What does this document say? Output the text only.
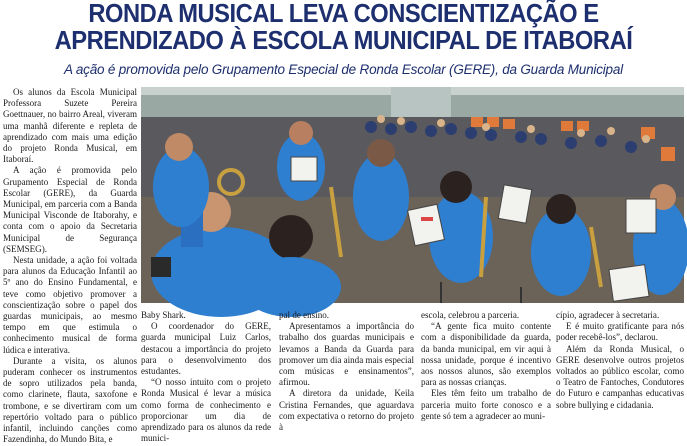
RONDA MUSICAL LEVA CONSCIENTIZAÇÃO E
APRENDIZADO À ESCOLA MUNICIPAL DE ITABORAÍ
A ação é promovida pelo Grupamento Especial de Ronda Escolar (GERE), da Guarda Municipal

Os alunos da Escola Municipal Professora Suzete Pereira Goettnauer, no bairro Areal, viveram uma manhã diferente e repleta de aprendizado com mais uma edição do projeto Ronda Musical, em Itaboraí.

A ação é promovida pelo Grupamento Especial de Ronda Escolar (GERE), da Guarda Municipal, em parceria com a Banda Municipal Visconde de Itaborahy, e conta com o apoio da Secretaria Municipal de Segurança (SEMSEG).

Nesta unidade, a ação foi voltada para alunos da Educação Infantil ao 5º ano do Ensino Fundamental, e teve como objetivo promover a conscientização sobre o papel dos guardas municipais, ao mesmo tempo em que estimula o conhecimento musical de forma lúdica e interativa.

Durante a visita, os alunos puderam conhecer os instrumentos de sopro utilizados pela banda, como clarinete, flauta, saxofone e trombone, e se divertiram com um repertório voltado para o público infantil, incluindo canções como Fazendinha, do Mundo Bita, e

Baby Shark.

O coordenador do GERE, guarda municipal Luiz Carlos, destacou a importância do projeto para o desenvolvimento dos estudantes.

“O nosso intuito com o projeto Ronda Musical é levar a música como forma de conhecimento e proporcionar um dia de aprendizado para os alunos da rede munici-

pal de ensino.

Apresentamos a importância do trabalho dos guardas municipais e levamos a Banda da Guarda para promover um dia ainda mais especial com músicas e ensinamentos”, afirmou.

A diretora da unidade, Keila Cristina Fernandes, que aguardava com expectativa o retorno do projeto à

escola, celebrou a parceria.

“A gente fica muito contente com a disponibilidade da guarda, da banda municipal, em vir aqui à nossa unidade, porque é incentivo aos nossos alunos, são exemplos para as nossas crianças.

Eles têm feito um trabalho de parceria muito forte conosco e a gente só tem a agradecer ao muni-

cípio, agradecer à secretaria.

E é muito gratificante para nós poder recebê-los”, declarou.

Além da Ronda Musical, o GERE desenvolve outros projetos voltados ao público escolar, como o Teatro de Fantoches, Condutores do Futuro e campanhas educativas sobre bullying e cidadania.
